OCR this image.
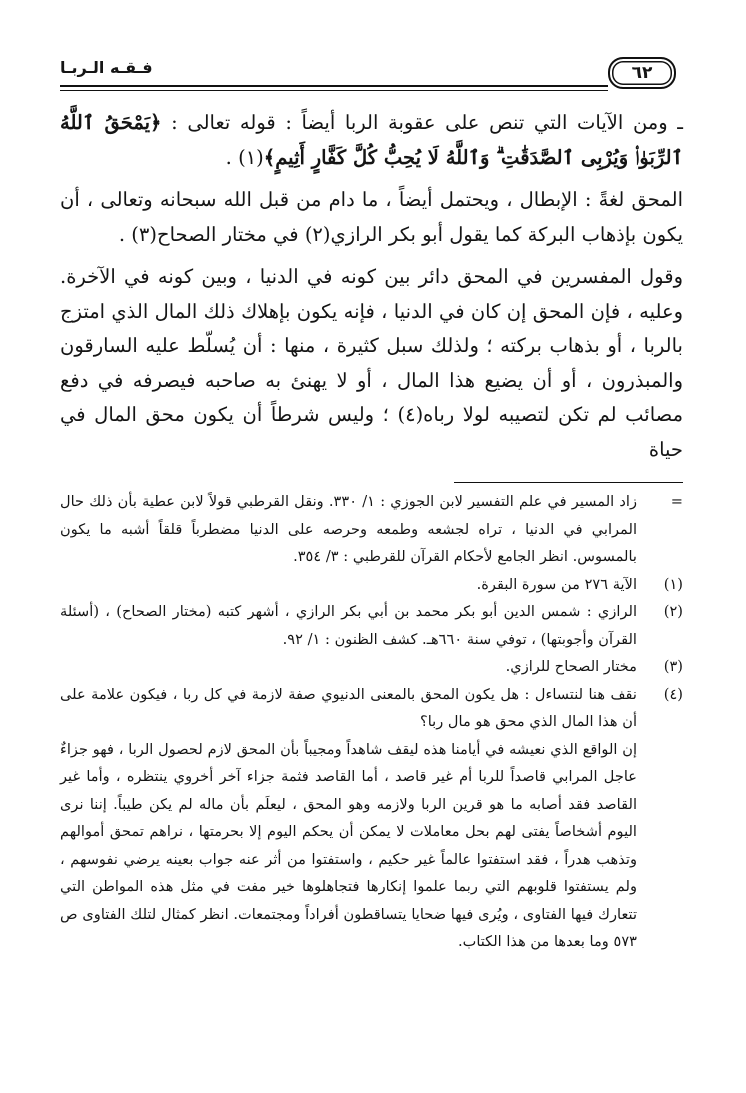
٦٢
فـقـه الـربـا

ـ ومن الآيات التي تنص على عقوبة الربا أيضاً : قوله تعالى : ﴿يَمْحَقُ ٱللَّهُ ٱلرِّبَوٰا۟ وَيُرْبِى ٱلصَّدَقَٰتِ ۗ وَٱللَّهُ لَا يُحِبُّ كُلَّ كَفَّارٍ أَثِيمٍ﴾(١) .

المحق لغةً : الإبطال ، ويحتمل أيضاً ، ما دام من قبل الله سبحانه وتعالى ، أن يكون بإذهاب البركة كما يقول أبو بكر الرازي(٢) في مختار الصحاح(٣) .

وقول المفسرين في المحق دائر بين كونه في الدنيا ، وبين كونه في الآخرة. وعليه ، فإن المحق إن كان في الدنيا ، فإنه يكون بإهلاك ذلك المال الذي امتزج بالربا ، أو بذهاب بركته ؛ ولذلك سبل كثيرة ، منها : أن يُسلّط عليه السارقون والمبذرون ، أو أن يضيع هذا المال ، أو لا يهنئ به صاحبه فيصرفه في دفع مصائب لم تكن لتصيبه لولا رباه(٤) ؛ وليس شرطاً أن يكون محق المال في حياة

=

زاد المسير في علم التفسير لابن الجوزي : ١/ ٣٣٠. ونقل القرطبي قولاً لابن عطية بأن ذلك حال المرابي في الدنيا ، تراه لجشعه وطمعه وحرصه على الدنيا مضطرباً قلقاً أشبه ما يكون بالمسوس. انظر الجامع لأحكام القرآن للقرطبي : ٣/ ٣٥٤.

(١)

الآية ٢٧٦ من سورة البقرة.

(٢)

الرازي : شمس الدين أبو بكر محمد بن أبي بكر الرازي ، أشهر كتبه (مختار الصحاح) ، (أسئلة القرآن وأجوبتها) ، توفي سنة ٦٦٠هـ. كشف الظنون : ١/ ٩٢.

(٣)

مختار الصحاح للرازي.

(٤)

نقف هنا لنتساءل : هل يكون المحق بالمعنى الدنيوي صفة لازمة في كل ربا ، فيكون علامة على أن هذا المال الذي محق هو مال ربا؟

إن الواقع الذي نعيشه في أيامنا هذه ليقف شاهداً ومجيباً بأن المحق لازم لحصول الربا ، فهو جزاءٌ عاجل المرابي قاصداً للربا أم غير قاصد ، أما القاصد فثمة جزاء آخر أخروي ينتظره ، وأما غير القاصد فقد أصابه ما هو قرين الربا ولازمه وهو المحق ، ليعلَم بأن ماله لم يكن طيباً. إننا نرى اليوم أشخاصاً يفتى لهم بحل معاملات لا يمكن أن يحكم اليوم إلا بحرمتها ، نراهم تمحق أموالهم وتذهب هدراً ، فقد استفتوا عالماً غير حكيم ، واستفتوا من أثر عنه جواب بعينه يرضي نفوسهم ، ولم يستفتوا قلوبهم التي ربما علموا إنكارها فتجاهلوها خير مفت في مثل هذه المواطن التي تتعارك فيها الفتاوى ، ويُرى فيها ضحايا يتساقطون أفراداً ومجتمعات. انظر كمثال لتلك الفتاوى ص ٥٧٣ وما بعدها من هذا الكتاب.
